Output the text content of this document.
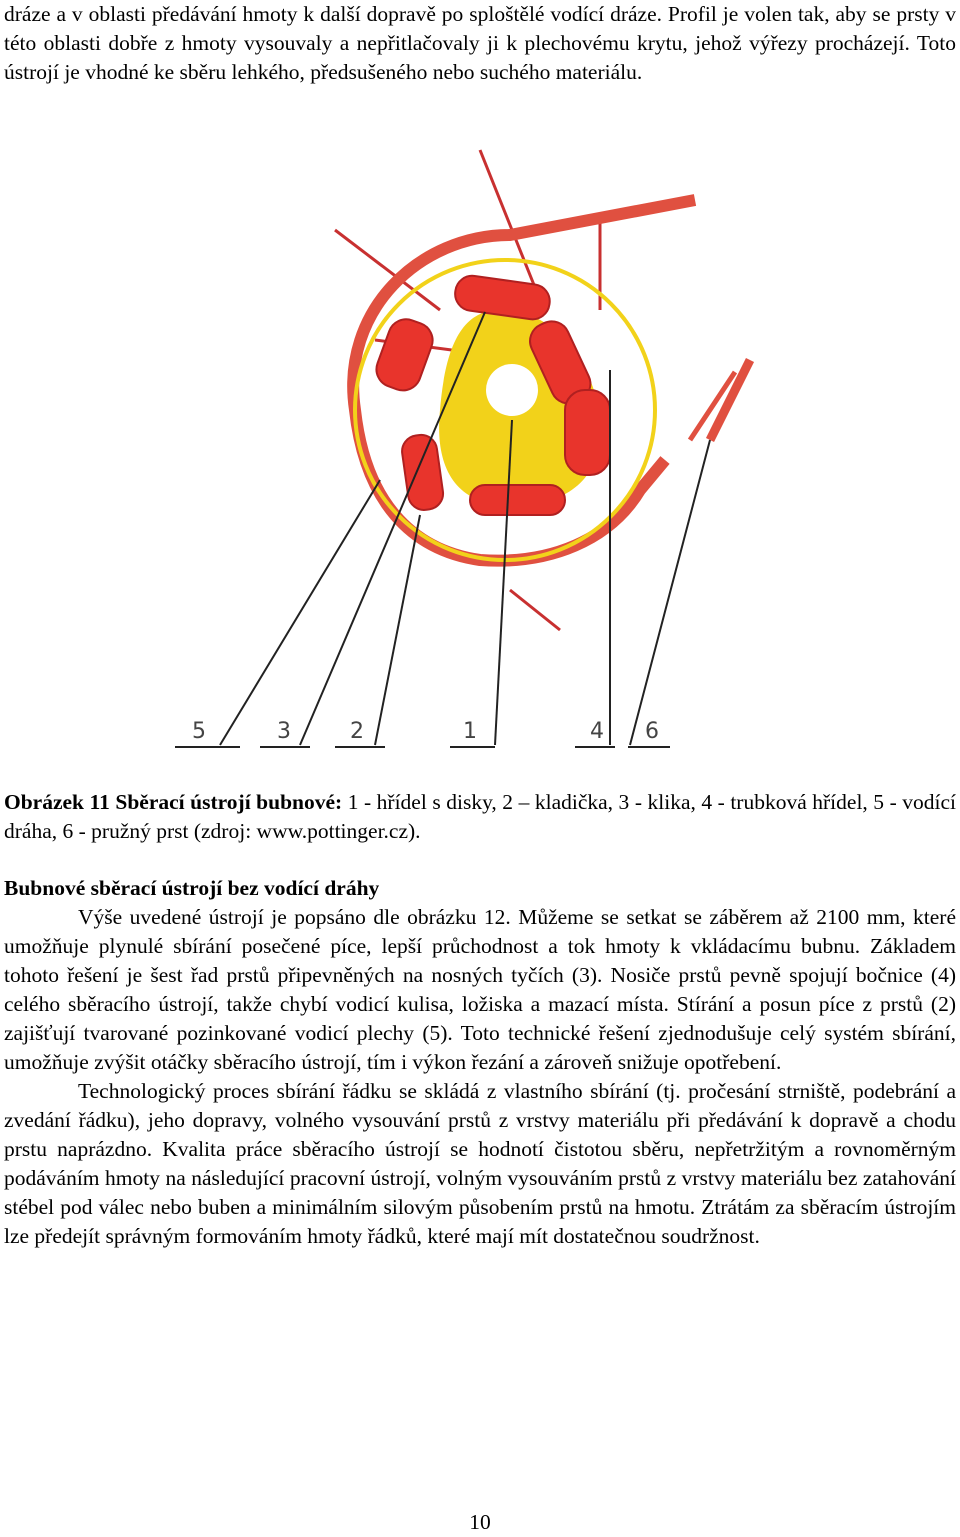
dráze a v oblasti předávání hmoty k další dopravě po sploštělé vodící dráze. Profil je volen tak, aby se prsty v této oblasti dobře z hmoty vysouvaly a nepřitlačovaly ji k plechovému krytu, jehož výřezy procházejí. Toto ústrojí je vhodné ke sběru lehkého, předsušeného nebo suchého materiálu.

5	3	2	1	4 6

Obrázek 11 Sběrací ústrojí bubnové: 1 - hřídel s disky, 2 – kladička, 3 - klika, 4 - trubková hřídel, 5 - vodící dráha, 6 - pružný prst (zdroj: www.pottinger.cz).

Bubnové sběrací ústrojí bez vodící dráhy

Výše uvedené ústrojí je popsáno dle obrázku 12. Můžeme se setkat se záběrem až 2100 mm, které umožňuje plynulé sbírání posečené píce, lepší průchodnost a tok hmoty k vkládacímu bubnu. Základem tohoto řešení je šest řad prstů připevněných na nosných tyčích (3). Nosiče prstů pevně spojují bočnice (4) celého sběracího ústrojí, takže chybí vodicí kulisa, ložiska a mazací místa. Stírání a posun píce z prstů (2) zajišťují tvarované pozinkované vodicí plechy (5). Toto technické řešení zjednodušuje celý systém sbírání, umožňuje zvýšit otáčky sběracího ústrojí, tím i výkon řezání a zároveň snižuje opotřebení.

Technologický proces sbírání řádku se skládá z vlastního sbírání (tj. pročesání strniště, podebrání a zvedání řádku), jeho dopravy, volného vysouvání prstů z vrstvy materiálu při předávání k dopravě a chodu prstu naprázdno. Kvalita práce sběracího ústrojí se hodnotí čistotou sběru, nepřetržitým a rovnoměrným podáváním hmoty na následující pracovní ústrojí, volným vysouváním prstů z vrstvy materiálu bez zatahování stébel pod válec nebo buben a minimálním silovým působením prstů na hmotu. Ztrátám za sběracím ústrojím lze předejít správným formováním hmoty řádků, které mají mít dostatečnou soudržnost.

10
